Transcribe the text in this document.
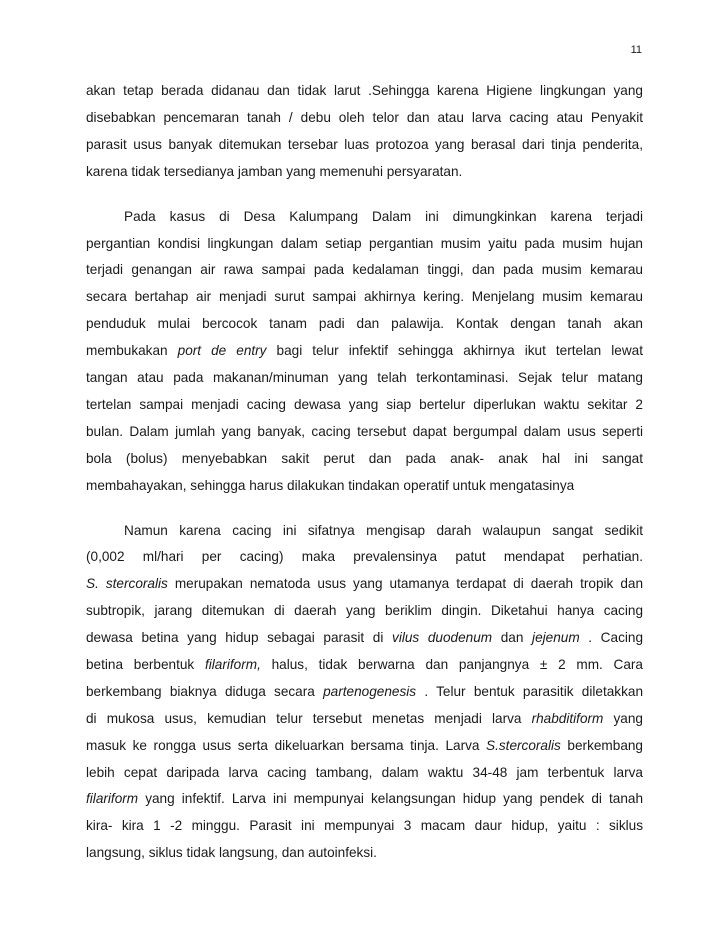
11
akan tetap berada didanau dan tidak larut .Sehingga karena Higiene lingkungan yang
disebabkan pencemaran tanah / debu oleh telor dan atau larva cacing atau Penyakit
parasit usus banyak ditemukan tersebar luas protozoa yang berasal dari tinja penderita,
karena tidak tersedianya jamban yang memenuhi persyaratan.
Pada kasus di Desa Kalumpang Dalam ini dimungkinkan karena terjadi
pergantian kondisi lingkungan dalam setiap pergantian musim yaitu pada musim hujan
terjadi genangan air rawa sampai pada kedalaman tinggi, dan pada musim kemarau
secara bertahap air menjadi surut sampai akhirnya kering. Menjelang musim kemarau
penduduk mulai bercocok tanam padi dan palawija. Kontak dengan tanah akan
membukakan port de entry bagi telur infektif sehingga akhirnya ikut tertelan lewat
tangan atau pada makanan/minuman yang telah terkontaminasi. Sejak telur matang
tertelan sampai menjadi cacing dewasa yang siap bertelur diperlukan waktu sekitar 2
bulan. Dalam jumlah yang banyak, cacing tersebut dapat bergumpal dalam usus seperti
bola (bolus) menyebabkan sakit perut dan pada anak- anak hal ini sangat
membahayakan, sehingga harus dilakukan tindakan operatif untuk mengatasinya
Namun karena cacing ini sifatnya mengisap darah walaupun sangat sedikit
(0,002 ml/hari per cacing) maka prevalensinya patut mendapat perhatian.
S. stercoralis merupakan nematoda usus yang utamanya terdapat di daerah tropik dan
subtropik, jarang ditemukan di daerah yang beriklim dingin. Diketahui hanya cacing
dewasa betina yang hidup sebagai parasit di vilus duodenum dan jejenum . Cacing
betina berbentuk filariform, halus, tidak berwarna dan panjangnya ± 2 mm. Cara
berkembang biaknya diduga secara partenogenesis . Telur bentuk parasitik diletakkan
di mukosa usus, kemudian telur tersebut menetas menjadi larva rhabditiform yang
masuk ke rongga usus serta dikeluarkan bersama tinja. Larva S.stercoralis berkembang
lebih cepat daripada larva cacing tambang, dalam waktu 34-48 jam terbentuk larva
filariform yang infektif. Larva ini mempunyai kelangsungan hidup yang pendek di tanah
kira- kira 1 -2 minggu. Parasit ini mempunyai 3 macam daur hidup, yaitu : siklus
langsung, siklus tidak langsung, dan autoinfeksi.
